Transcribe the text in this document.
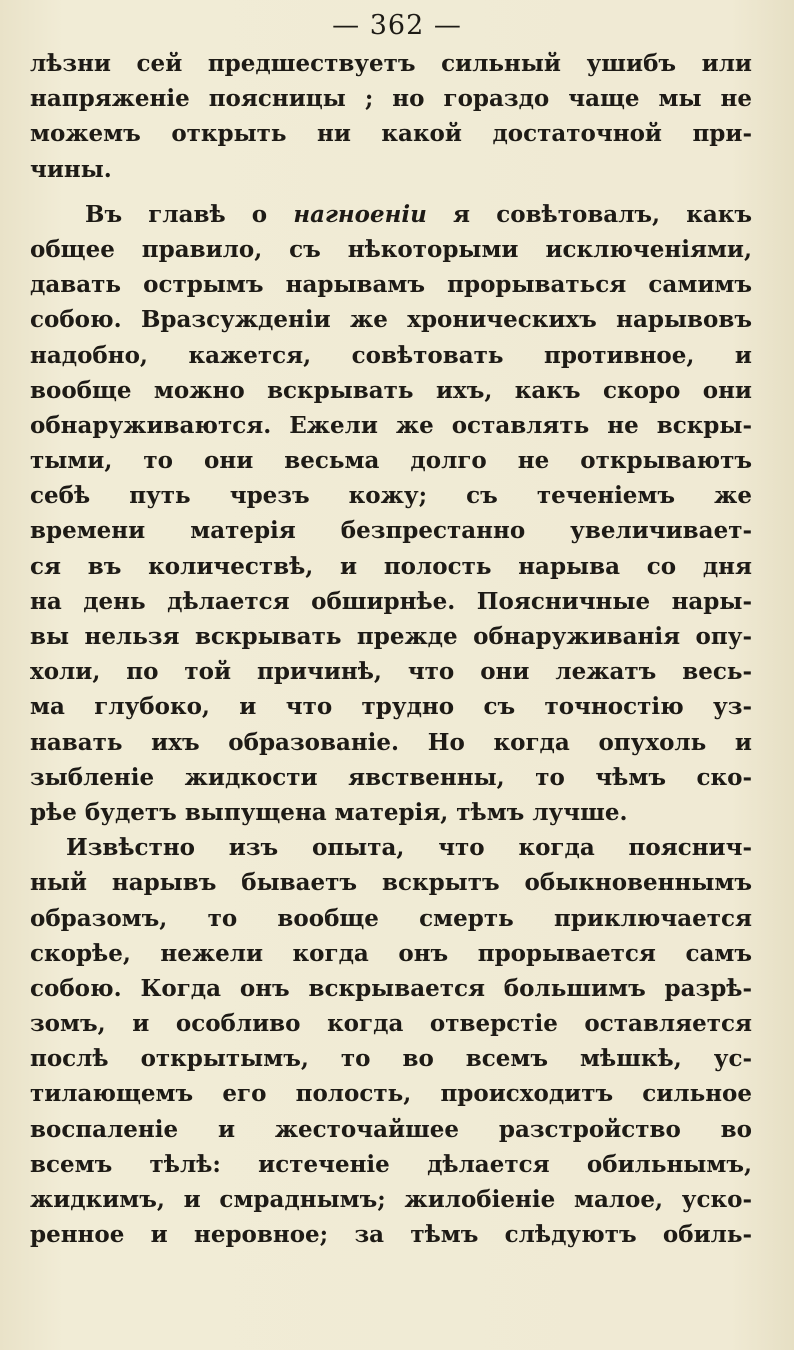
— 362 —
лѣзни сей предшествуетъ сильный ушибъ или
напряженіе поясницы ; но гораздо чаще мы не
можемъ открыть ни какой достаточной при-
чины.
Въ главѣ о нагноеніи я совѣтовалъ, какъ
общее правило, съ нѣкоторыми исключеніями,
давать острымъ нарывамъ прорываться самимъ
собою. Вразсужденіи же хроническихъ нарывовъ
надобно, кажется, совѣтовать противное, и
вообще можно вскрывать ихъ, какъ скоро они
обнаруживаются. Ежели же оставлять не вскры-
тыми, то они весьма долго не открываютъ
себѣ путь чрезъ кожу; съ теченіемъ же
времени матерія безпрестанно увеличивает-
ся въ количествѣ, и полость нарыва со дня
на день дѣлается обширнѣе. Поясничные нары-
вы нельзя вскрывать прежде обнаруживанія опу-
холи, по той причинѣ, что они лежатъ весь-
ма глубоко, и что трудно съ точностію уз-
навать ихъ образованіе. Но когда опухоль и
зыбленіе жидкости явственны, то чѣмъ ско-
рѣе будетъ выпущена матерія, тѣмъ лучше.
Извѣстно изъ опыта, что когда пояснич-
ный нарывъ бываетъ вскрытъ обыкновеннымъ
образомъ, то вообще смерть приключается
скорѣе, нежели когда онъ прорывается самъ
собою. Когда онъ вскрывается большимъ разрѣ-
зомъ, и особливо когда отверстіе оставляется
послѣ открытымъ, то во всемъ мѣшкѣ, ус-
тилающемъ его полость, происходитъ сильное
воспаленіе и жесточайшее разстройство во
всемъ тѣлѣ: истеченіе дѣлается обильнымъ,
жидкимъ, и смраднымъ; жилобіеніе малое, уско-
ренное и неровное; за тѣмъ слѣдуютъ обиль-
